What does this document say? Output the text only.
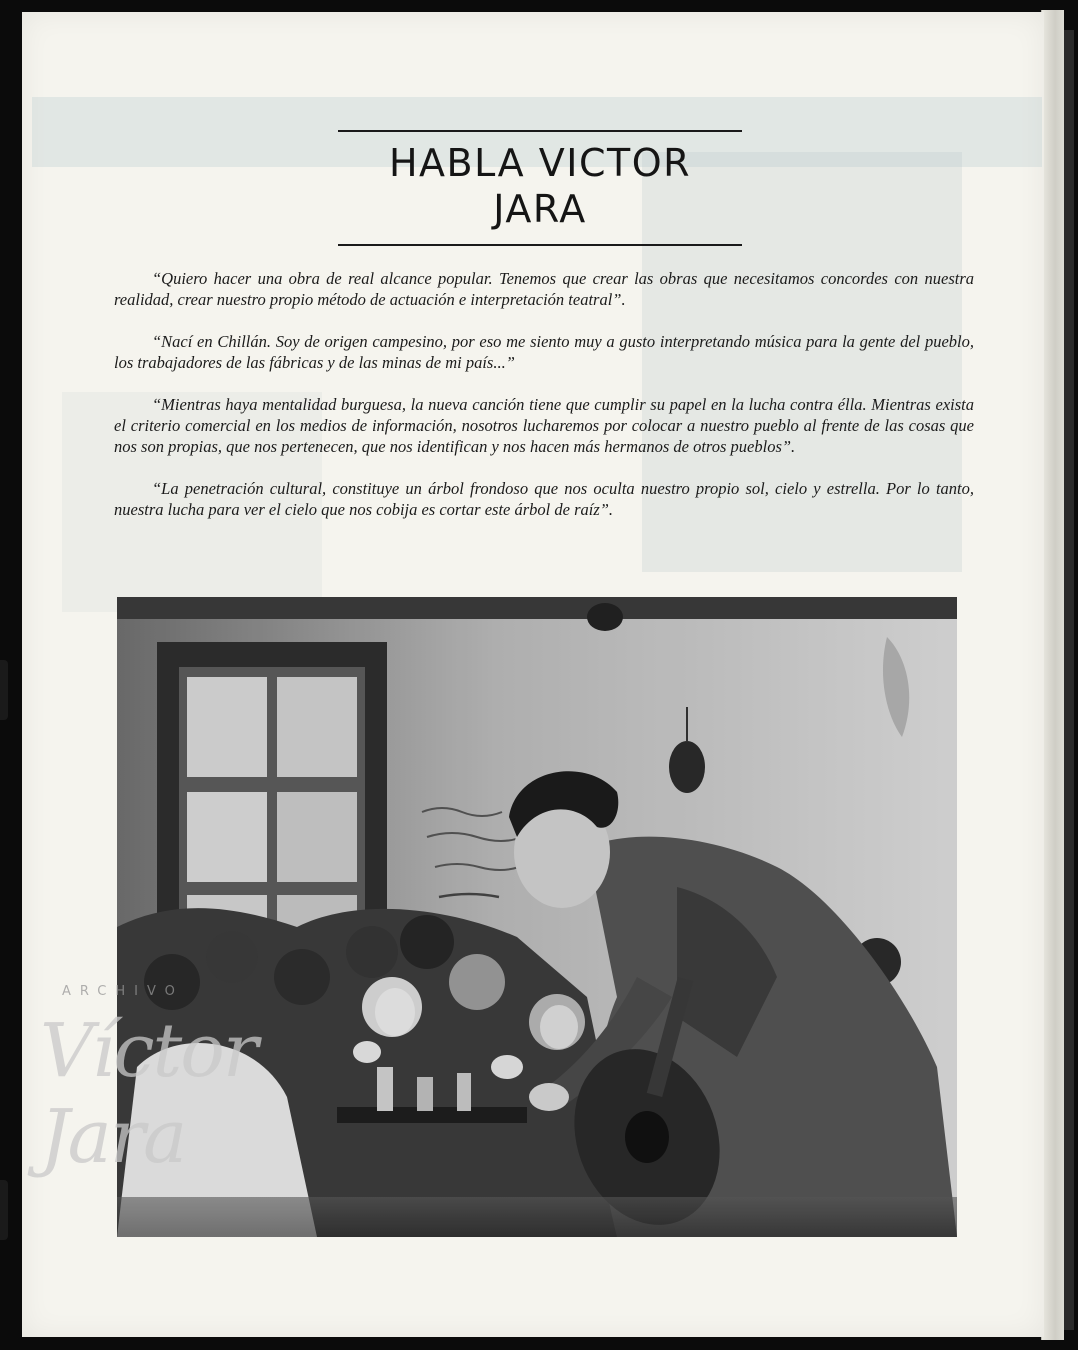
HABLA VICTOR JARA

“Quiero hacer una obra de real alcance popular. Tenemos que crear las obras que necesitamos concordes con nuestra realidad, crear nuestro propio método de actuación e interpretación teatral”.

“Nací en Chillán. Soy de origen campesino, por eso me siento muy a gusto interpretando música para la gente del pueblo, los trabajadores de las fábricas y de las minas de mi país...”

“Mientras haya mentalidad burguesa, la nueva canción tiene que cumplir su papel en la lucha contra élla. Mientras exista el criterio comercial en los medios de información, nosotros lucharemos por colocar a nuestro pueblo al frente de las cosas que nos son propias, que nos pertenecen, que nos identifican y nos hacen más hermanos de otros pueblos”.

“La penetración cultural, constituye un árbol frondoso que nos oculta nuestro propio sol, cielo y estrella. Por lo tanto, nuestra lucha para ver el cielo que nos cobija es cortar este árbol de raíz”.

ARCHIVO
Víctor Jara
